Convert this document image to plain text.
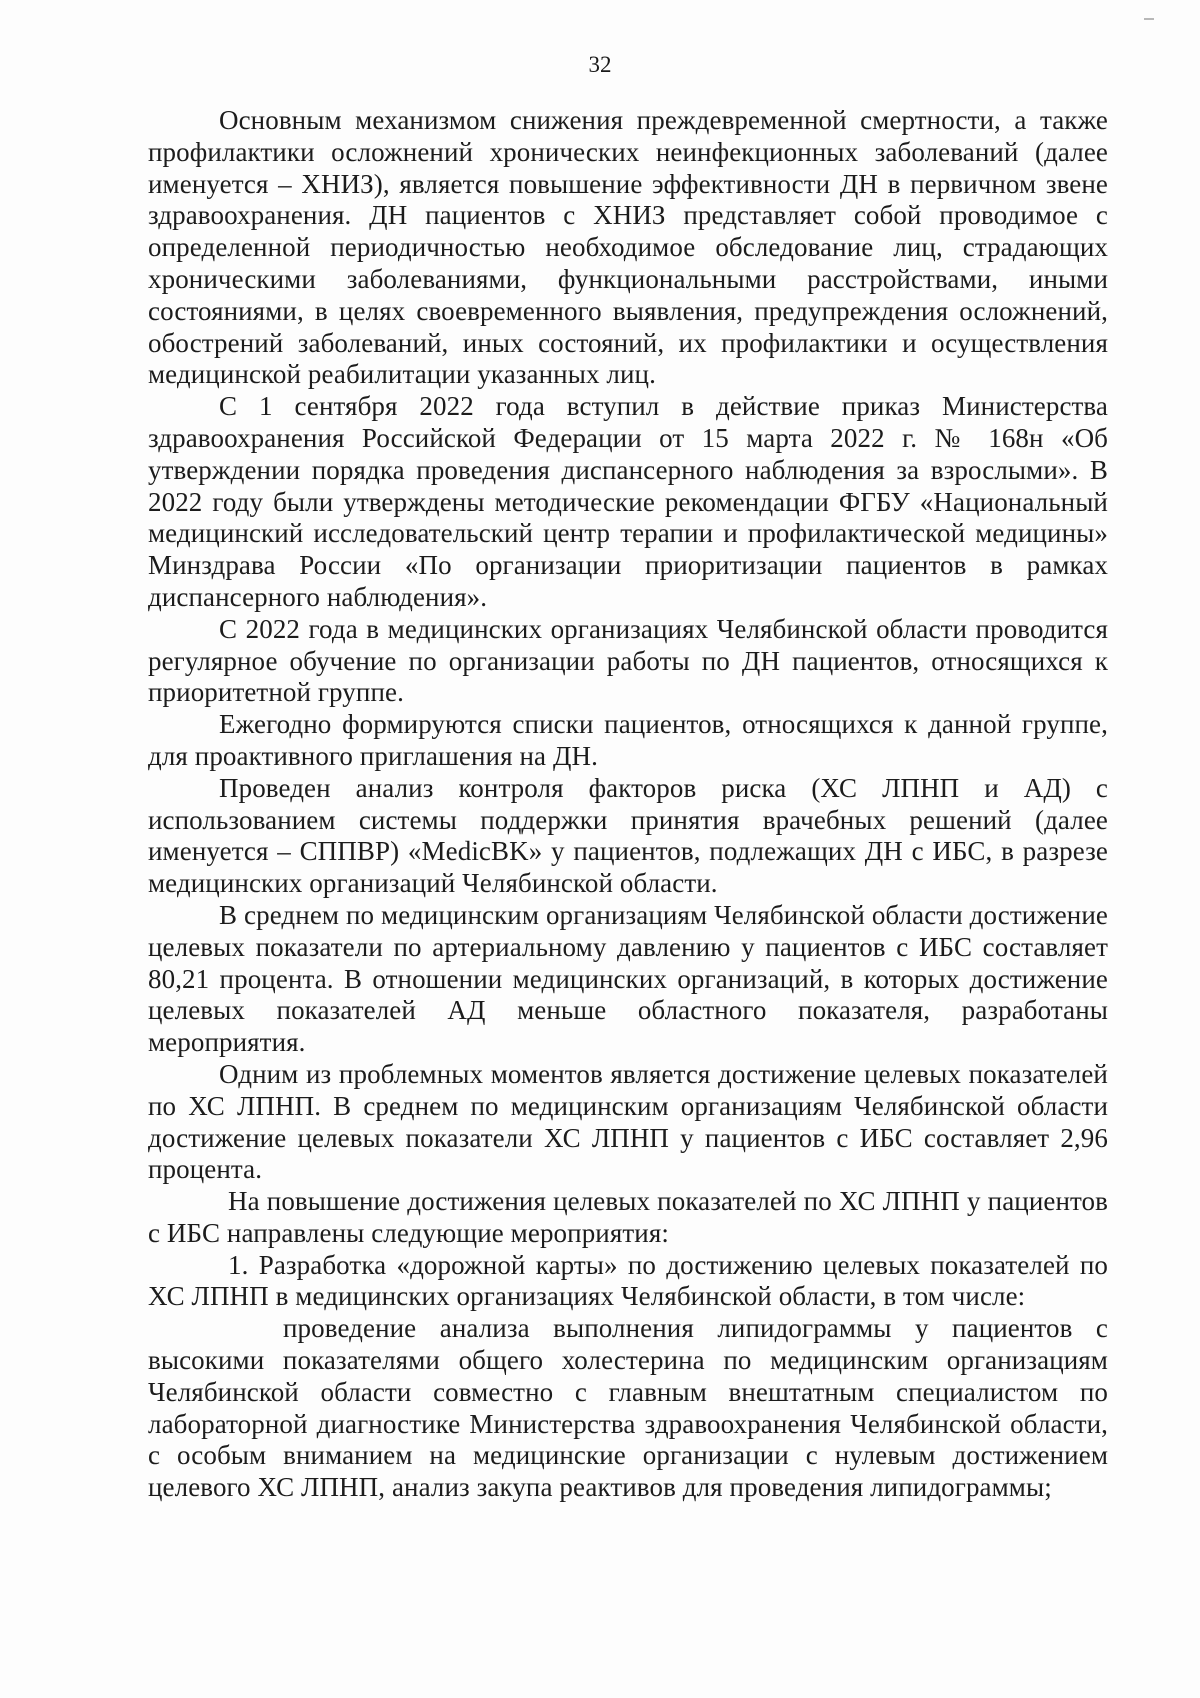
32

Основным механизмом снижения преждевременной смертности, а также профилактики осложнений хронических неинфекционных заболеваний (далее именуется – ХНИЗ), является повышение эффективности ДН в первичном звене здравоохранения. ДН пациентов с ХНИЗ представляет собой проводимое с определенной периодичностью необходимое обследование лиц, страдающих хроническими заболеваниями, функциональными расстройствами, иными состояниями, в целях своевременного выявления, предупреждения осложнений, обострений заболеваний, иных состояний, их профилактики и осуществления медицинской реабилитации указанных лиц.

С 1 сентября 2022 года вступил в действие приказ Министерства здравоохранения Российской Федерации от 15 марта 2022 г. № 168н «Об утверждении порядка проведения диспансерного наблюдения за взрослыми». В 2022 году были утверждены методические рекомендации ФГБУ «Национальный медицинский исследовательский центр терапии и профилактической медицины» Минздрава России «По организации приоритизации пациентов в рамках диспансерного наблюдения».

С 2022 года в медицинских организациях Челябинской области проводится регулярное обучение по организации работы по ДН пациентов, относящихся к приоритетной группе.

Ежегодно формируются списки пациентов, относящихся к данной группе, для проактивного приглашения на ДН.

Проведен анализ контроля факторов риска (ХС ЛПНП и АД) с использованием системы поддержки принятия врачебных решений (далее именуется – СППВР) «MedicBK» у пациентов, подлежащих ДН с ИБС, в разрезе медицинских организаций Челябинской области.

В среднем по медицинским организациям Челябинской области достижение целевых показатели по артериальному давлению у пациентов с ИБС составляет 80,21 процента. В отношении медицинских организаций, в которых достижение целевых показателей АД меньше областного показателя, разработаны мероприятия.

Одним из проблемных моментов является достижение целевых показателей по ХС ЛПНП. В среднем по медицинским организациям Челябинской области достижение целевых показатели ХС ЛПНП у пациентов с ИБС составляет 2,96 процента.

На повышение достижения целевых показателей по ХС ЛПНП у пациентов с ИБС направлены следующие мероприятия:

1. Разработка «дорожной карты» по достижению целевых показателей по ХС ЛПНП в медицинских организациях Челябинской области, в том числе:

проведение анализа выполнения липидограммы у пациентов с высокими показателями общего холестерина по медицинским организациям Челябинской области совместно с главным внештатным специалистом по лабораторной диагностике Министерства здравоохранения Челябинской области, с особым вниманием на медицинские организации с нулевым достижением целевого ХС ЛПНП, анализ закупа реактивов для проведения липидограммы;
